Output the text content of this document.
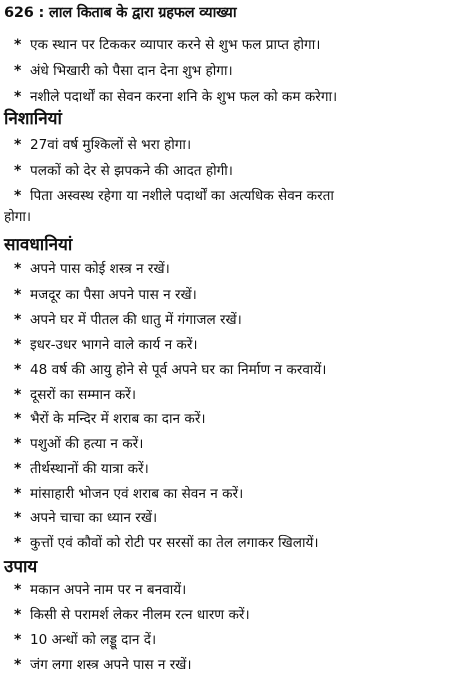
626 : लाल किताब के द्वारा ग्रहफल व्याख्या
* एक स्थान पर टिककर व्यापार करने से शुभ फल प्राप्त होगा।
* अंधे भिखारी को पैसा दान देना शुभ होगा।
* नशीले पदार्थों का सेवन करना शनि के शुभ फल को कम करेगा।
निशानियां
* 27वां वर्ष मुश्किलों से भरा होगा।
* पलकों को देर से झपकने की आदत होगी।
* पिता अस्वस्थ रहेगा या नशीले पदार्थों का अत्यधिक सेवन करता
होगा।
सावधानियां
* अपने पास कोई शस्त्र न रखें।
* मजदूर का पैसा अपने पास न रखें।
* अपने घर में पीतल की धातु में गंगाजल रखें।
* इधर-उधर भागने वाले कार्य न करें।
* 48 वर्ष की आयु होने से पूर्व अपने घर का निर्माण न करवायें।
* दूसरों का सम्मान करें।
* भैरों के मन्दिर में शराब का दान करें।
* पशुओं की हत्या न करें।
* तीर्थस्थानों की यात्रा करें।
* मांसाहारी भोजन एवं शराब का सेवन न करें।
* अपने चाचा का ध्यान रखें।
* कुत्तों एवं कौवों को रोटी पर सरसों का तेल लगाकर खिलायें।
उपाय
* मकान अपने नाम पर न बनवायें।
* किसी से परामर्श लेकर नीलम रत्न धारण करें।
* 10 अन्धों को लड्डू दान दें।
* जंग लगा शस्त्र अपने पास न रखें।
